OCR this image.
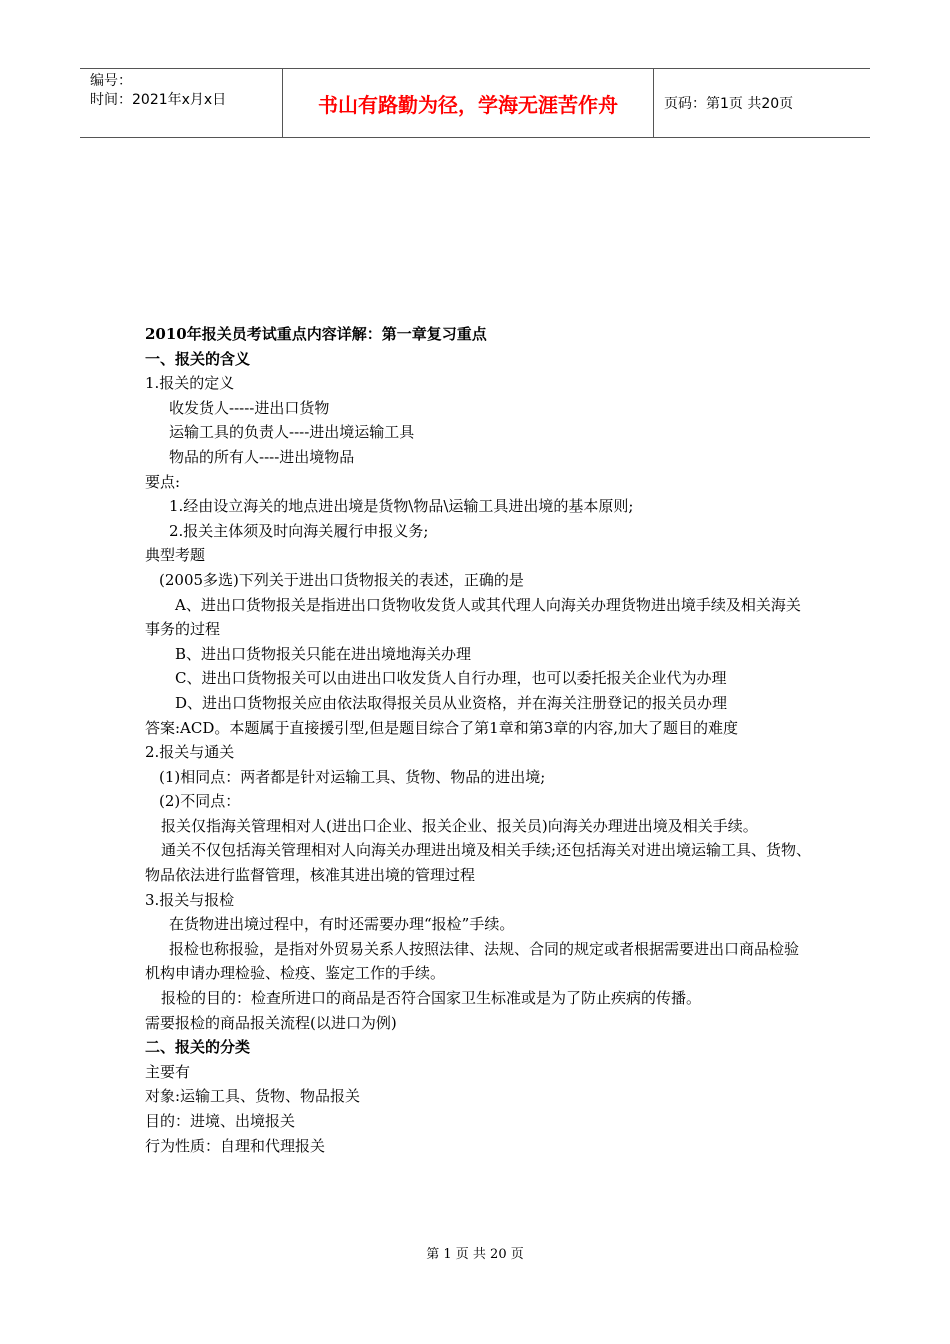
编号：
时间：2021年x月x日	书山有路勤为径，学海无涯苦作舟	页码：第1页 共20页

2010年报关员考试重点内容详解：第一章复习重点

一、报关的含义

1.报关的定义

收发货人-----进出口货物

运输工具的负责人----进出境运输工具

物品的所有人----进出境物品

要点:

1.经由设立海关的地点进出境是货物\物品\运输工具进出境的基本原则;

2.报关主体须及时向海关履行申报义务;

典型考题

(2005多选)下列关于进出口货物报关的表述，正确的是

A、进出口货物报关是指进出口货物收发货人或其代理人向海关办理货物进出境手续及相关海关事务的过程

B、进出口货物报关只能在进出境地海关办理

C、进出口货物报关可以由进出口收发货人自行办理，也可以委托报关企业代为办理

D、进出口货物报关应由依法取得报关员从业资格，并在海关注册登记的报关员办理

答案:ACD。本题属于直接援引型,但是题目综合了第1章和第3章的内容,加大了题目的难度

2.报关与通关

(1)相同点：两者都是针对运输工具、货物、物品的进出境;

(2)不同点：

报关仅指海关管理相对人(进出口企业、报关企业、报关员)向海关办理进出境及相关手续。

通关不仅包括海关管理相对人向海关办理进出境及相关手续;还包括海关对进出境运输工具、货物、物品依法进行监督管理，核准其进出境的管理过程

3.报关与报检

在货物进出境过程中，有时还需要办理“报检”手续。

报检也称报验，是指对外贸易关系人按照法律、法规、合同的规定或者根据需要进出口商品检验机构申请办理检验、检疫、鉴定工作的手续。

报检的目的：检查所进口的商品是否符合国家卫生标准或是为了防止疾病的传播。

需要报检的商品报关流程(以进口为例)

二、报关的分类

主要有

对象:运输工具、货物、物品报关

目的：进境、出境报关

行为性质：自理和代理报关

第 1 页 共 20 页
